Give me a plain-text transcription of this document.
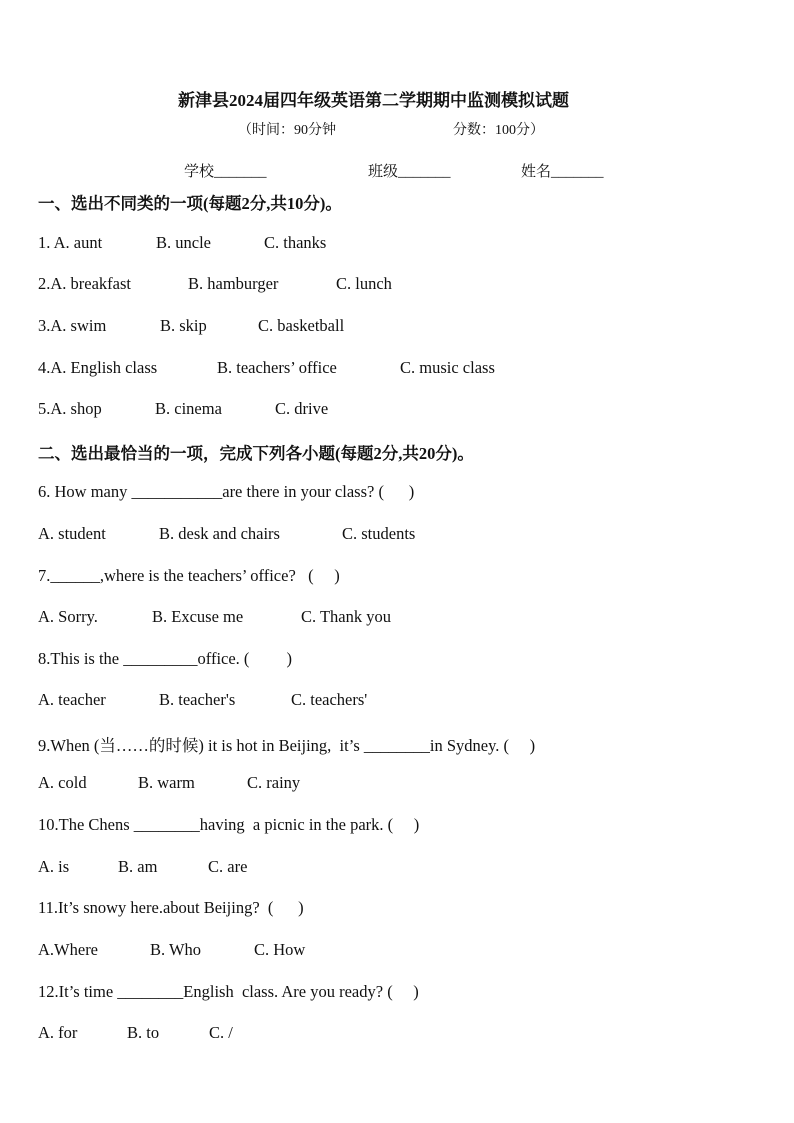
新津县2024届四年级英语第二学期期中监测模拟试题
（时间：90分钟	分数：100分）
学校_______	班级_______	姓名_______
一、选出不同类的一项(每题2分,共10分)。
1. A. aunt	B. uncle	C. thanks
2.A. breakfast	B. hamburger	C. lunch
3.A. swim	B. skip	C. basketball
4.A. English class	B. teachers’ office	C. music class
5.A. shop	B. cinema	C. drive
二、选出最恰当的一项，完成下列各小题(每题2分,共20分)。
6. How many ___________are there in your class? (      )
A. student	B. desk and chairs	C. students
7.______,where is the teachers’ office?   (     )
A. Sorry.	B. Excuse me	C. Thank you
8.This is the _________office. (         )
A. teacher	B. teacher's	C. teachers'
9.When (当……的时候) it is hot in Beijing,  it’s ________in Sydney. (     )
A. cold	B. warm	C. rainy
10.The Chens ________having  a picnic in the park. (     )
A. is	B. am	C. are
11.It’s snowy here.about Beijing?  (      )
A.Where	B. Who	C. How
12.It’s time ________English  class. Are you ready? (     )
A. for	B. to	C. /
